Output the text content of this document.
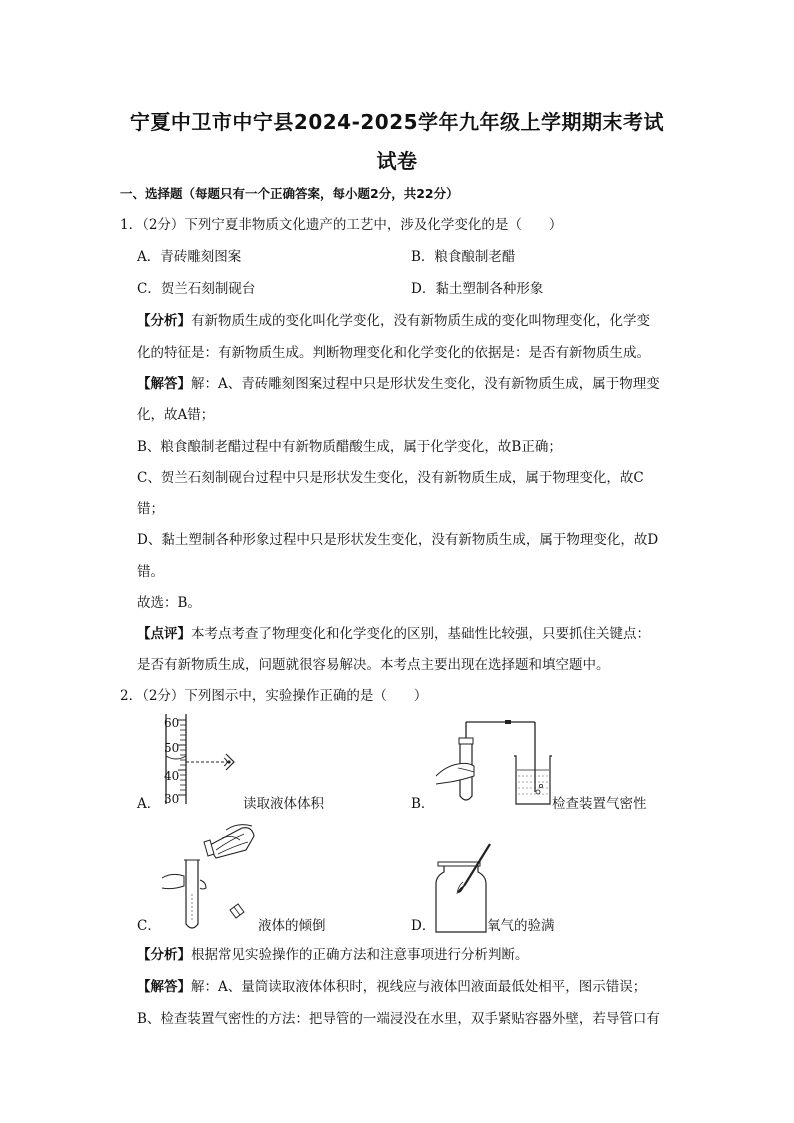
宁夏中卫市中宁县2024-2025学年九年级上学期期末考试
试卷
一、选择题（每题只有一个正确答案，每小题2分，共22分）
1．（2分）下列宁夏非物质文化遗产的工艺中，涉及化学变化的是（　　）
A．青砖雕刻图案	B．粮食酿制老醋
C．贺兰石刻制砚台	D．黏土塑制各种形象
【分析】有新物质生成的变化叫化学变化，没有新物质生成的变化叫物理变化，化学变
化的特征是：有新物质生成。判断物理变化和化学变化的依据是：是否有新物质生成。
【解答】解：A、青砖雕刻图案过程中只是形状发生变化，没有新物质生成，属于物理变
化，故A错；
B、粮食酿制老醋过程中有新物质醋酸生成，属于化学变化，故B正确；
C、贺兰石刻制砚台过程中只是形状发生变化，没有新物质生成，属于物理变化，故C
错；
D、黏土塑制各种形象过程中只是形状发生变化，没有新物质生成，属于物理变化，故D
错。
故选：B。
【点评】本考点考查了物理变化和化学变化的区别，基础性比较强，只要抓住关键点：
是否有新物质生成，问题就很容易解决。本考点主要出现在选择题和填空题中。
2．（2分）下列图示中，实验操作正确的是（　　）
A．
60
50
40
30	读取液体体积	B．	检查装置气密性
C．	液体的倾倒	D．	氧气的验满
【分析】根据常见实验操作的正确方法和注意事项进行分析判断。
【解答】解：A、量筒读取液体体积时，视线应与液体凹液面最低处相平，图示错误；
B、检查装置气密性的方法：把导管的一端浸没在水里，双手紧贴容器外壁，若导管口有
